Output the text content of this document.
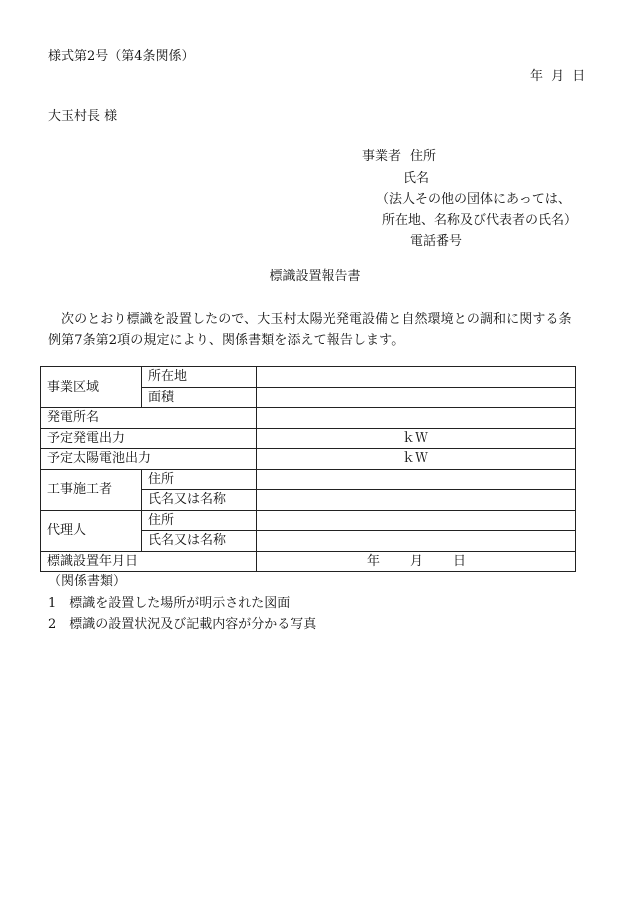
様式第2号（第4条関係）
年 月 日
大玉村長 様
事業者 住所
氏名
（法人その他の団体にあっては、
所在地、名称及び代表者の氏名）
電話番号
標識設置報告書
次のとおり標識を設置したので、大玉村太陽光発電設備と自然環境との調和に関する条例第7条第2項の規定により、関係書類を添えて報告します。
事業区域	所在地	
	面積	
発電所名		
予定発電出力		ｋＷ
予定太陽電池出力		ｋＷ
工事施工者	住所	
	氏名又は名称	
代理人	住所	
	氏名又は名称	
標識設置年月日		年 月 日
（関係書類）
1　標識を設置した場所が明示された図面
2　標識の設置状況及び記載内容が分かる写真
